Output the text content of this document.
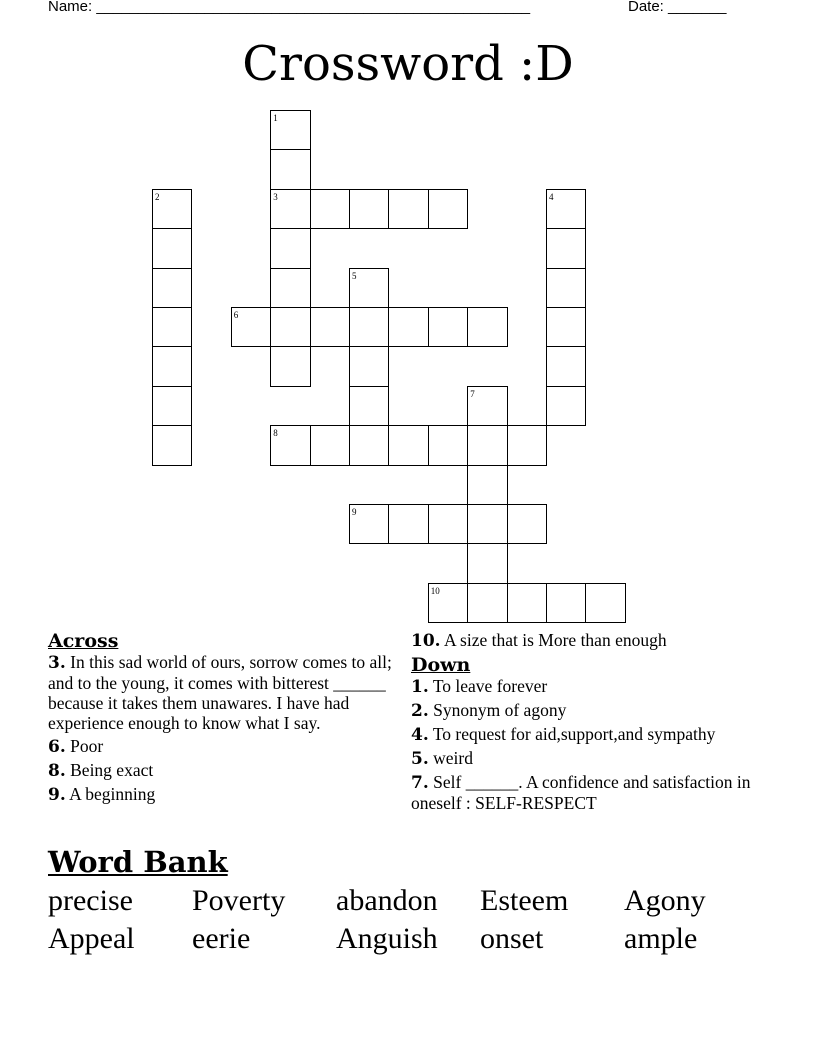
Name: ____________________________________________________	Date: _______
Crossword :D
1
3
2	4
5
6
7
8
9
10
Across
3. In this sad world of ours, sorrow comes to all; and to the young, it comes with bitterest ______ because it takes them unawares. I have had experience enough to know what I say.
6. Poor
8. Being exact
9. A beginning
10. A size that is More than enough
Down
1. To leave forever
2. Synonym of agony
4. To request for aid,support,and sympathy
5. weird
7. Self ______. A confidence and satisfaction in oneself : SELF-RESPECT
Word Bank
precise	Poverty	abandon	Esteem	Agony
Appeal	eerie	Anguish	onset	ample
